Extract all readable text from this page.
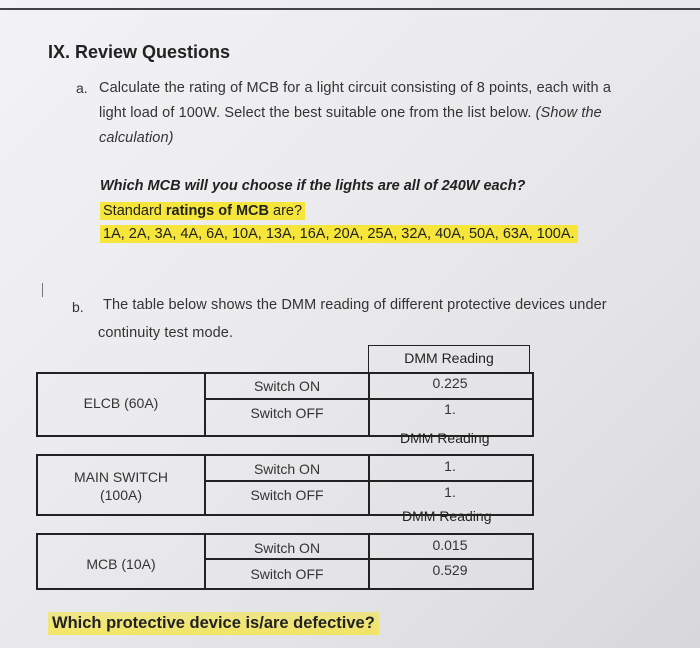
IX. Review Questions
a. Calculate the rating of MCB for a light circuit consisting of 8 points, each with a
light load of 100W. Select the best suitable one from the list below. (Show the
calculation)
Which MCB will you choose if the lights are all of 240W each?
Standard ratings of MCB are?
1A, 2A, 3A, 4A, 6A, 10A, 13A, 16A, 20A, 25A, 32A, 40A, 50A, 63A, 100A.
b. The table below shows the DMM reading of different protective devices under
continuity test mode.
DMM Reading
ELCB (60A)
Switch ON	0.225
Switch OFF	1.
DMM Reading
MAIN SWITCH
(100A)
Switch ON	1.
Switch OFF	1.
DMM Reading
MCB (10A)
Switch ON	0.015
Switch OFF	0.529
Which protective device is/are defective?
